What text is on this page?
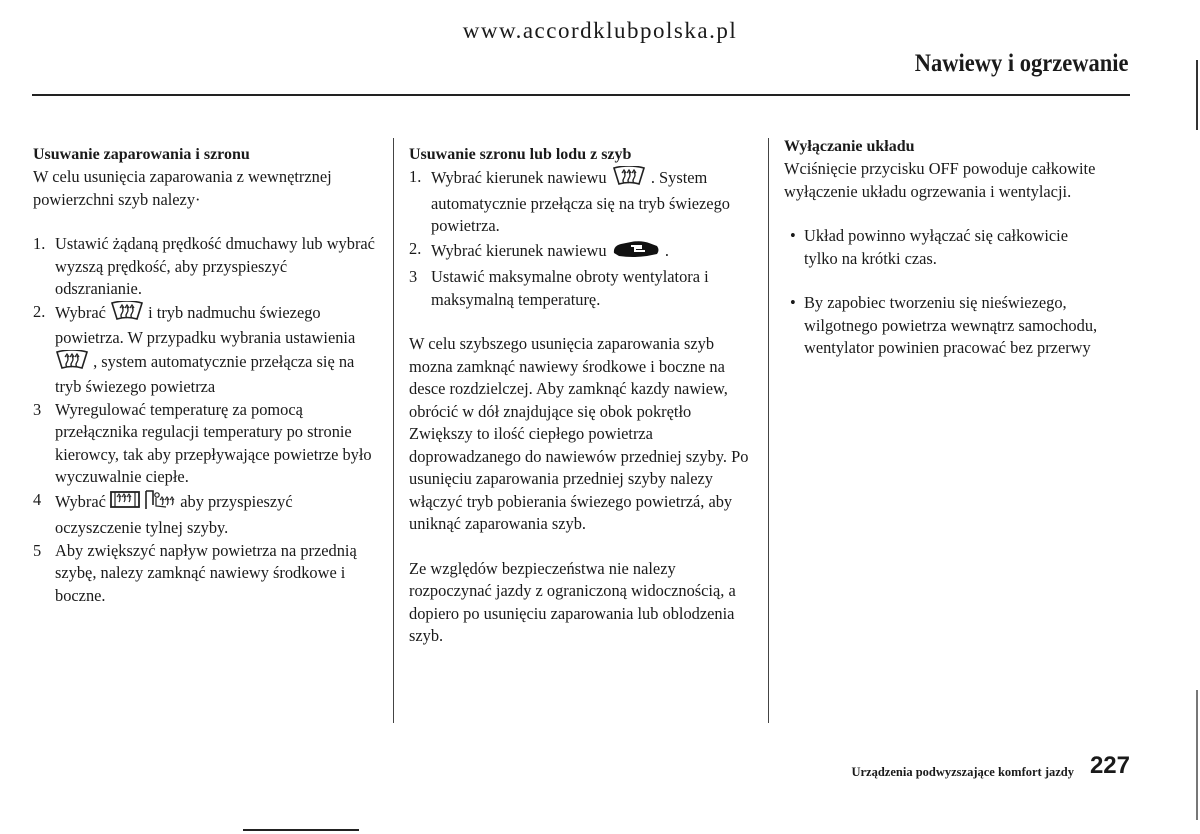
www.accordklubpolska.pl
Nawiewy i ogrzewanie
Usuwanie zaparowania i szronu

W celu usunięcia zaparowania z wewnętrznej powierzchni szyb nalezy·

1. Ustawić żądaną prędkość dmuchawy lub wybrać wyzszą prędkość, aby przyspieszyć odszranianie.
2. Wybrać	i tryb nadmuchu świezego powietrza. W przypadku wybrania ustawienia  , system automatycznie przełącza się na tryb świezego powietrza
3 Wyregulować temperaturę za pomocą przełącznika regulacji temperatury po stronie kierowcy, tak aby przepływające powietrze było wyczuwalnie ciepłe.
4 Wybrać	aby przyspieszyć oczyszczenie tylnej szyby.
5 Aby zwiększyć napływ powietrza na przednią szybę, nalezy zamknąć nawiewy środkowe i boczne.
Usuwanie szronu lub lodu z szyb
1. Wybrać kierunek nawiewu	. System automatycznie przełącza się na tryb świezego powietrza.
2. Wybrać kierunek nawiewu	.
3 Ustawić maksymalne obroty wentylatora i maksymalną temperaturę.

W celu szybszego usunięcia zaparowania szyb mozna zamknąć nawiewy środkowe i boczne na desce rozdzielczej. Aby zamknąć kazdy nawiew, obrócić w dół znajdujące się obok pokrętło Zwiększy to ilość ciepłego powietrza doprowadzanego do nawiewów przedniej szyby. Po usunięciu zaparowania przedniej szyby nalezy włączyć tryb pobierania świezego powietrzá, aby uniknąć zaparowania szyb.

Ze względów bezpieczeństwa nie nalezy rozpoczynać jazdy z ograniczoną widocznością, a dopiero po usunięciu zaparowania lub oblodzenia szyb.

Wyłączanie układu

Wciśnięcie przycisku OFF powoduje całkowite wyłączenie układu ogrzewania i wentylacji.

• Układ powinno wyłączać się całkowicie tylko na krótki czas.
• By zapobiec tworzeniu się nieświezego, wilgotnego powietrza wewnątrz samochodu, wentylator powinien pracować bez przerwy
Urządzenia podwyzszające komfort jazdy 227
